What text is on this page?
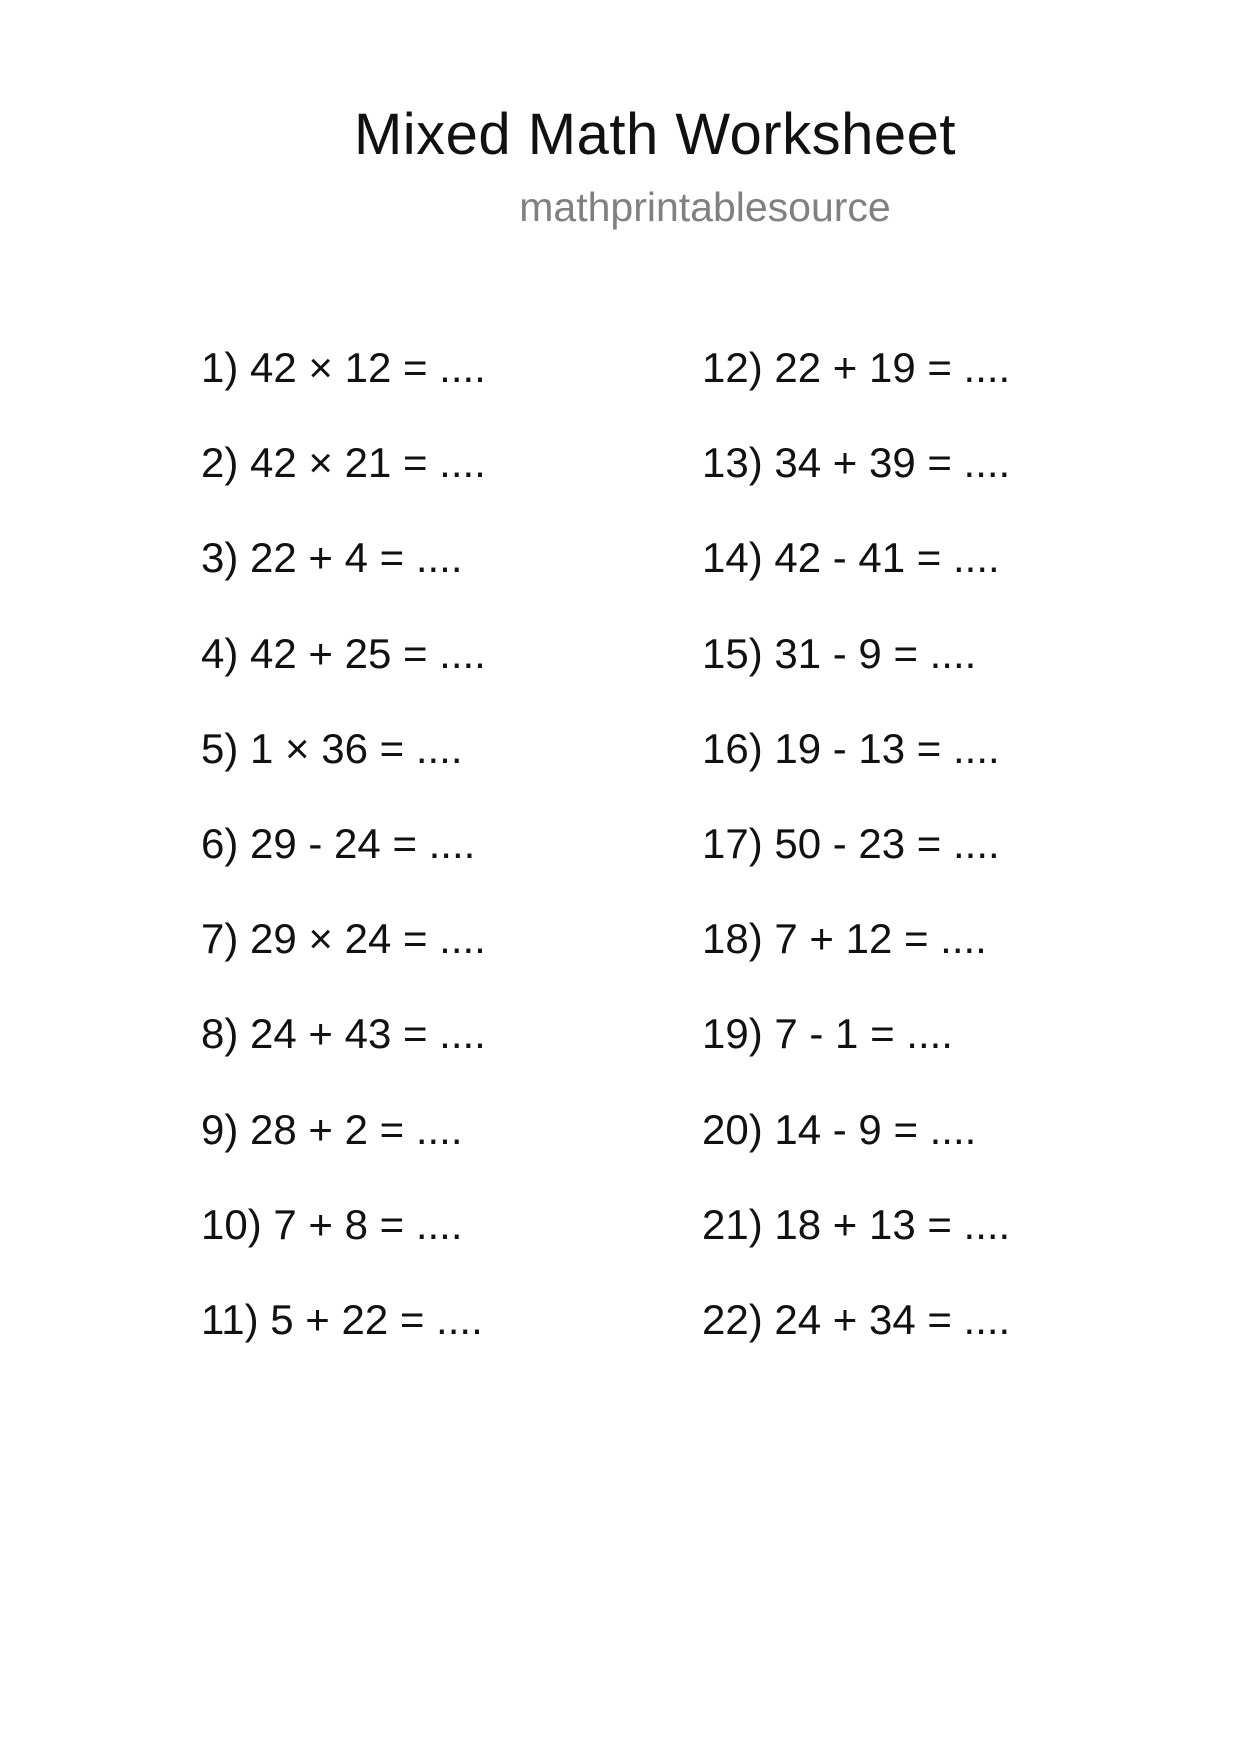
Mixed Math Worksheet
mathprintablesource
1) 42 × 12 = ....
2) 42 × 21 = ....
3) 22 + 4 = ....
4) 42 + 25 = ....
5) 1 × 36 = ....
6) 29 - 24 = ....
7) 29 × 24 = ....
8) 24 + 43 = ....
9) 28 + 2 = ....
10) 7 + 8 = ....
11) 5 + 22 = ....
12) 22 + 19 = ....
13) 34 + 39 = ....
14) 42 - 41 = ....
15) 31 - 9 = ....
16) 19 - 13 = ....
17) 50 - 23 = ....
18) 7 + 12 = ....
19) 7 - 1 = ....
20) 14 - 9 = ....
21) 18 + 13 = ....
22) 24 + 34 = ....
